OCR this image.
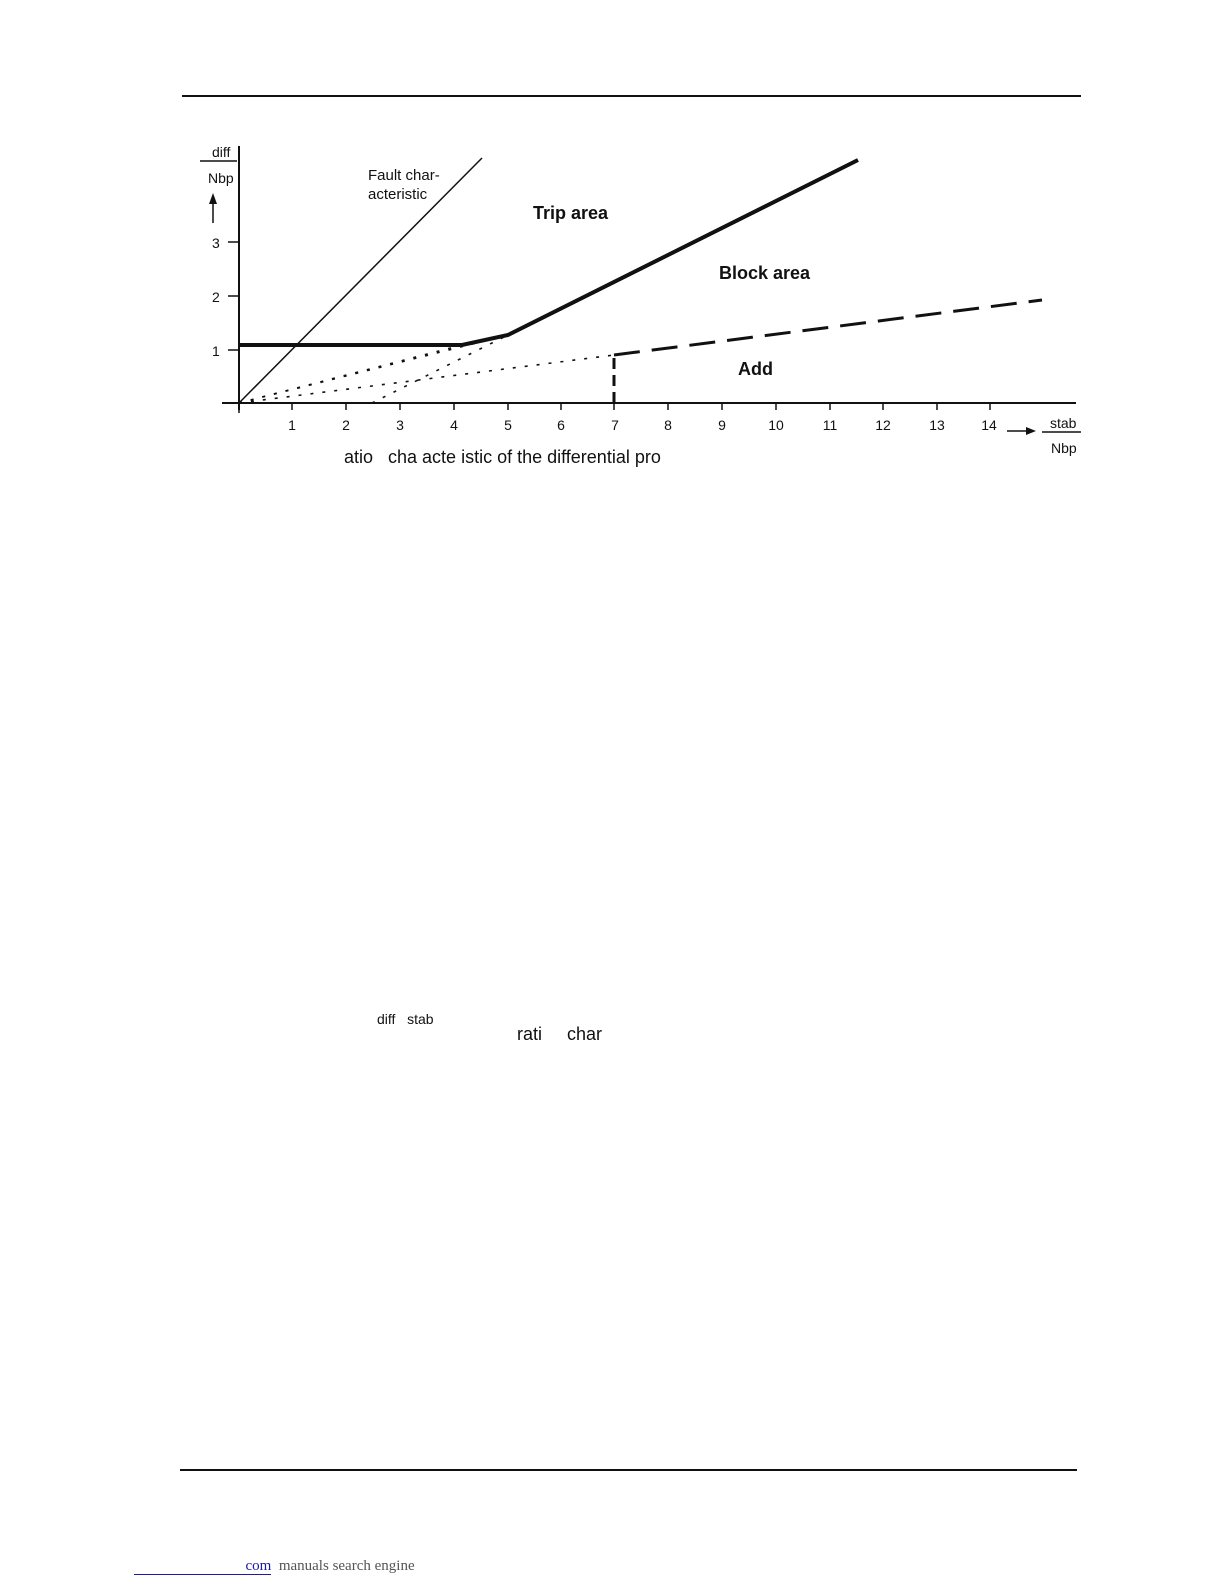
diff
Nbp
3
2
1
1	2	3	4	5	6	7	8	9	10	11	12	13	14	stab
Nbp
Fault char-
acteristic
Trip area
Block area
Add
atio   cha acte istic of the differential pro
diff   stab
rati     char

com  manuals search engine
